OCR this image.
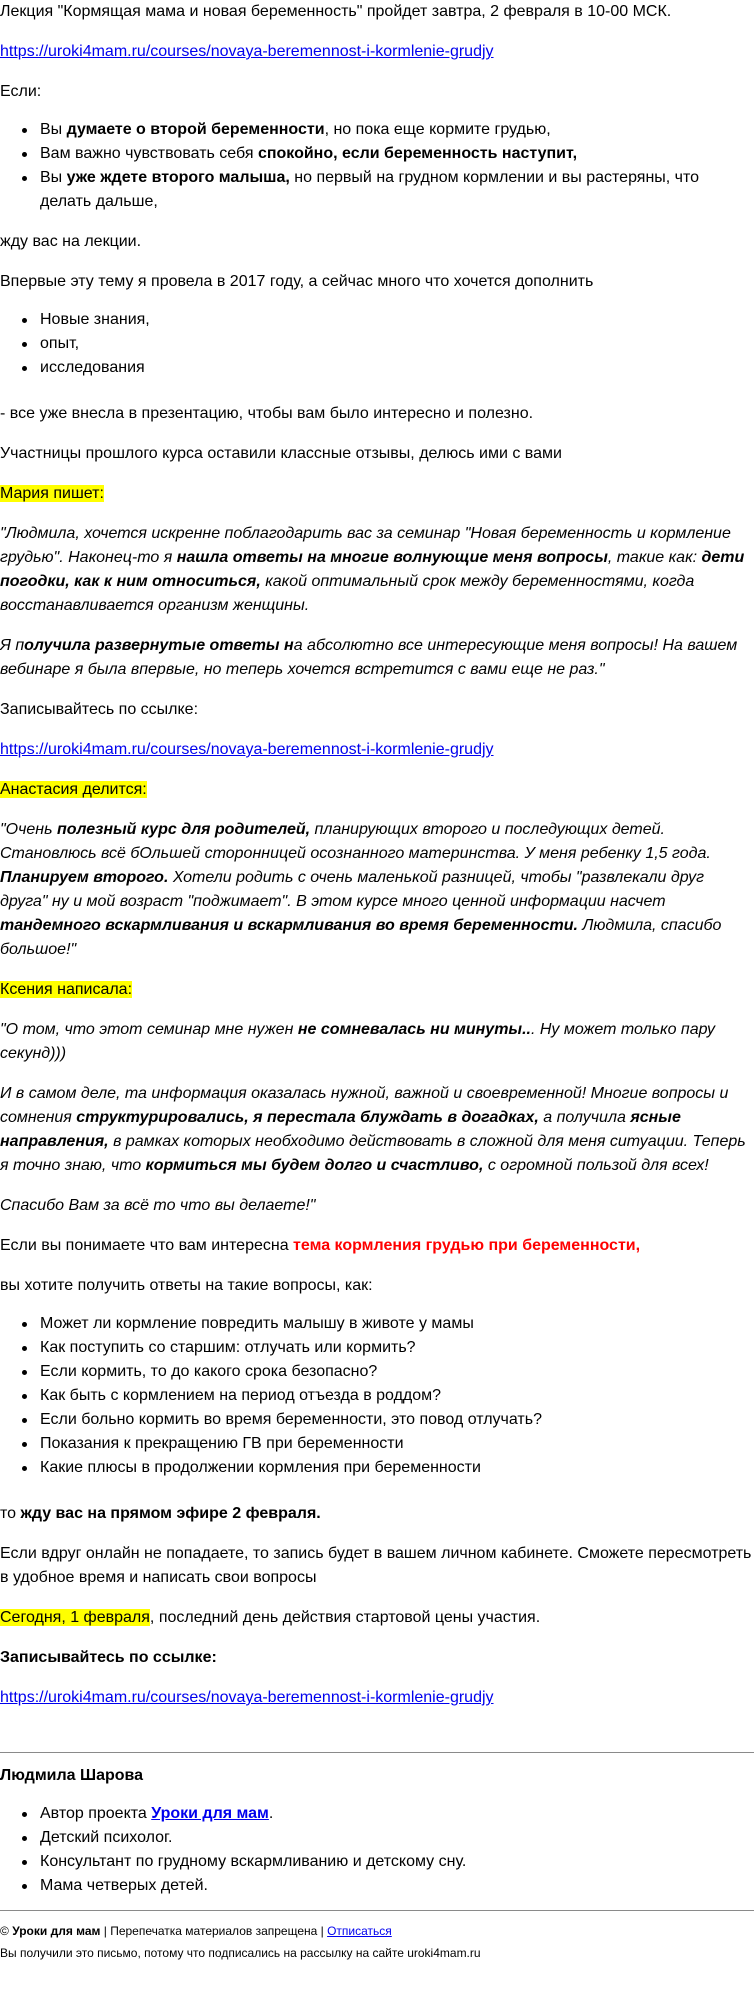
Лекция "Кормящая мама и новая беременность" пройдет завтра, 2 февраля в 10-00 МСК.

https://uroki4mam.ru/courses/novaya-beremennost-i-kormlenie-grudjy

Если:

Вы думаете о второй беременности, но пока еще кормите грудью,
Вам важно чувствовать себя спокойно, если беременность наступит,
Вы уже ждете второго малыша, но первый на грудном кормлении и вы растеряны, что делать дальше,

жду вас на лекции.

Впервые эту тему я провела в 2017 году, а сейчас много что хочется дополнить

Новые знания,
опыт,
исследования

- все уже внесла в презентацию, чтобы вам было интересно и полезно.

Участницы прошлого курса оставили классные отзывы, делюсь ими с вами

Мария пишет:

"Людмила, хочется искренне поблагодарить вас за семинар "Новая беременность и кормление грудью". Наконец-то я нашла ответы на многие волнующие меня вопросы, такие как: дети погодки, как к ним относиться, какой оптимальный срок между беременностями, когда восстанавливается организм женщины.

Я получила развернутые ответы на абсолютно все интересующие меня вопросы! На вашем вебинаре я была впервые, но теперь хочется встретится с вами еще не раз."

Записывайтесь по ссылке:

https://uroki4mam.ru/courses/novaya-beremennost-i-kormlenie-grudjy

Анастасия делится:

"Очень полезный курс для родителей, планирующих второго и последующих детей. Становлюсь всё бОльшей сторонницей осознанного материнства. У меня ребенку 1,5 года. Планируем второго. Хотели родить с очень маленькой разницей, чтобы "развлекали друг друга" ну и мой возраст "поджимает". В этом курсе много ценной информации насчет тандемного вскармливания и вскармливания во время беременности. Людмила, спасибо большое!"

Ксения написала:

"О том, что этот семинар мне нужен не сомневалась ни минуты... Ну может только пару секунд)))

И в самом деле, та информация оказалась нужной, важной и своевременной! Многие вопросы и сомнения структурировались, я перестала блуждать в догадках, а получила ясные направления, в рамках которых необходимо действовать в сложной для меня ситуации. Теперь я точно знаю, что кормиться мы будем долго и счастливо, с огромной пользой для всех!

Спасибо Вам за всё то что вы делаете!"

Если вы понимаете что вам интересна тема кормления грудью при беременности,

вы хотите получить ответы на такие вопросы, как:

Может ли кормление повредить малышу в животе у мамы
Как поступить со старшим: отлучать или кормить?
Если кормить, то до какого срока безопасно?
Как быть с кормлением на период отъезда в роддом?
Если больно кормить во время беременности, это повод отлучать?
Показания к прекращению ГВ при беременности
Какие плюсы в продолжении кормления при беременности

то жду вас на прямом эфире 2 февраля.

Если вдруг онлайн не попадаете, то запись будет в вашем личном кабинете. Сможете пересмотреть в удобное время и написать свои вопросы

Сегодня, 1 февраля, последний день действия стартовой цены участия.

Записывайтесь по ссылке:

https://uroki4mam.ru/courses/novaya-beremennost-i-kormlenie-grudjy

Людмила Шарова

Автор проекта Уроки для мам.
Детский психолог.
Консультант по грудному вскармливанию и детскому сну.
Мама четверых детей.

© Уроки для мам | Перепечатка материалов запрещена | Отписаться

Вы получили это письмо, потому что подписались на рассылку на сайте uroki4mam.ru
